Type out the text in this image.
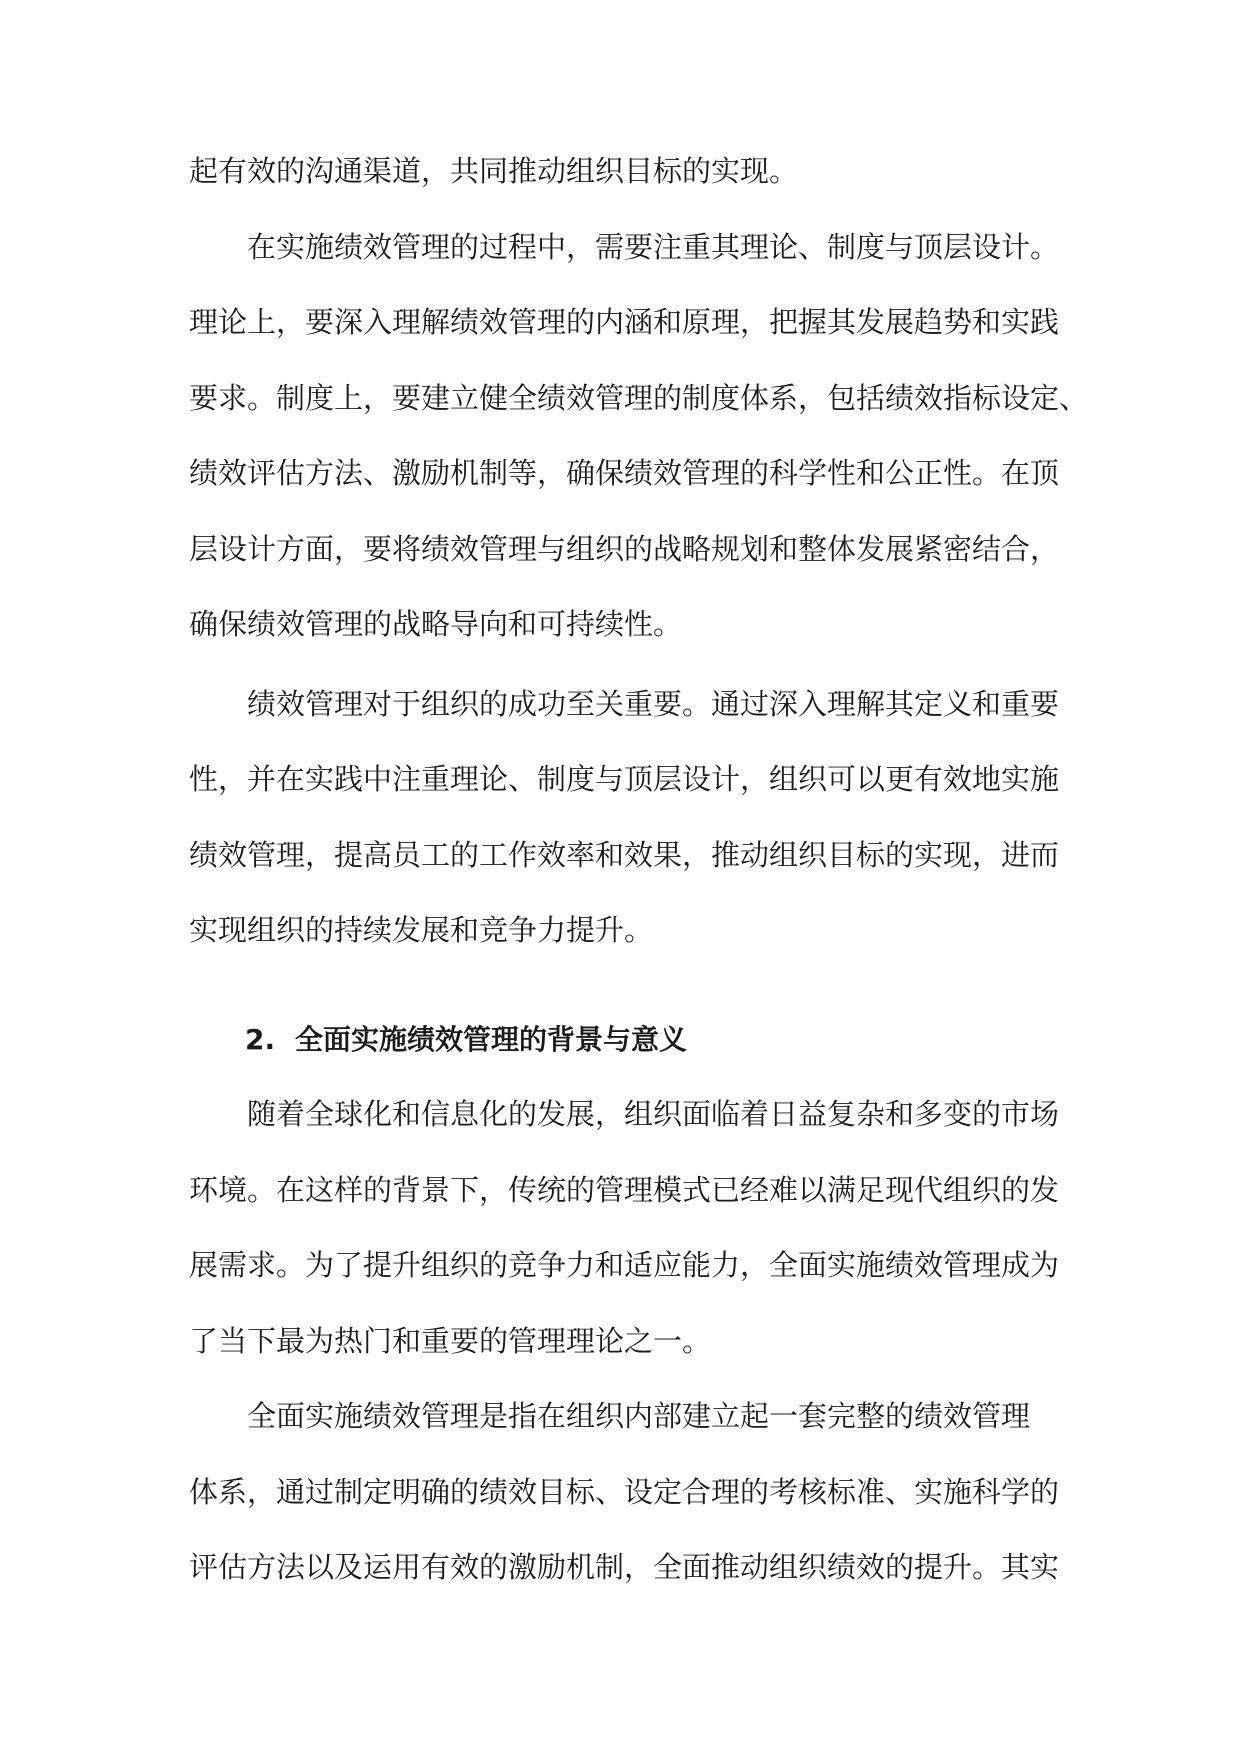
起有效的沟通渠道，共同推动组织目标的实现。

在实施绩效管理的过程中，需要注重其理论、制度与顶层设计。
理论上，要深入理解绩效管理的内涵和原理，把握其发展趋势和实践
要求。制度上，要建立健全绩效管理的制度体系，包括绩效指标设定、
绩效评估方法、激励机制等，确保绩效管理的科学性和公正性。在顶
层设计方面，要将绩效管理与组织的战略规划和整体发展紧密结合，
确保绩效管理的战略导向和可持续性。

绩效管理对于组织的成功至关重要。通过深入理解其定义和重要
性，并在实践中注重理论、制度与顶层设计，组织可以更有效地实施
绩效管理，提高员工的工作效率和效果，推动组织目标的实现，进而
实现组织的持续发展和竞争力提升。

2. 全面实施绩效管理的背景与意义

随着全球化和信息化的发展，组织面临着日益复杂和多变的市场
环境。在这样的背景下，传统的管理模式已经难以满足现代组织的发
展需求。为了提升组织的竞争力和适应能力，全面实施绩效管理成为
了当下最为热门和重要的管理理论之一。

全面实施绩效管理是指在组织内部建立起一套完整的绩效管理
体系，通过制定明确的绩效目标、设定合理的考核标准、实施科学的
评估方法以及运用有效的激励机制，全面推动组织绩效的提升。其实
